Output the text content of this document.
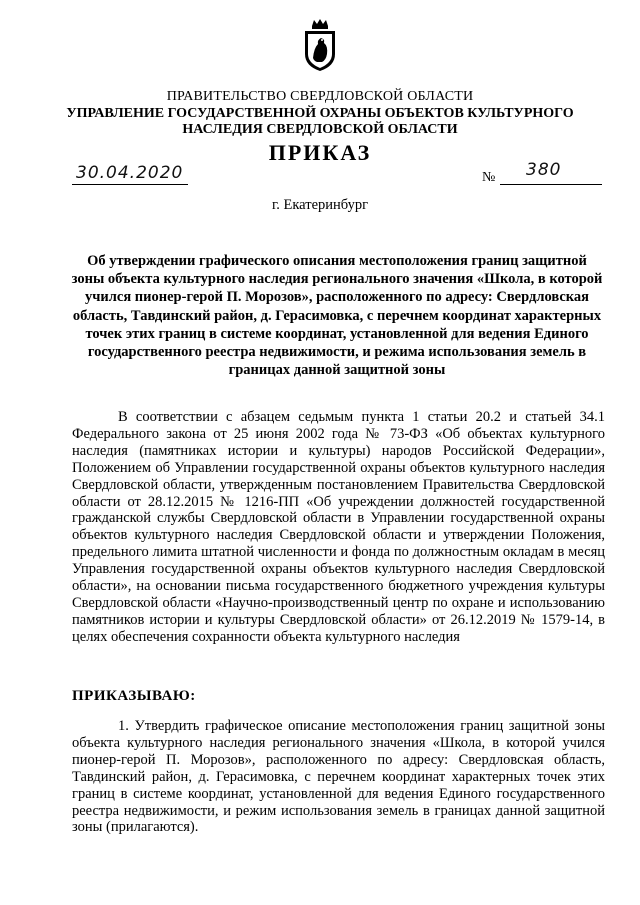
ПРАВИТЕЛЬСТВО СВЕРДЛОВСКОЙ ОБЛАСТИ
УПРАВЛЕНИЕ ГОСУДАРСТВЕННОЙ ОХРАНЫ ОБЪЕКТОВ КУЛЬТУРНОГО НАСЛЕДИЯ СВЕРДЛОВСКОЙ ОБЛАСТИ
ПРИКАЗ
30.04.2020	№ 380
г. Екатеринбург
Об утверждении графического описания местоположения границ защитной зоны объекта культурного наследия регионального значения «Школа, в которой учился пионер-герой П. Морозов», расположенного по адресу: Свердловская область, Тавдинский район, д. Герасимовка, с перечнем координат характерных точек этих границ в системе координат, установленной для ведения Единого государственного реестра недвижимости, и режима использования земель в границах данной защитной зоны

В соответствии с абзацем седьмым пункта 1 статьи 20.2 и статьей 34.1 Федерального закона от 25 июня 2002 года № 73-ФЗ «Об объектах культурного наследия (памятниках истории и культуры) народов Российской Федерации», Положением об Управлении государственной охраны объектов культурного наследия Свердловской области, утвержденным постановлением Правительства Свердловской области от 28.12.2015 № 1216-ПП «Об учреждении должностей государственной гражданской службы Свердловской области в Управлении государственной охраны объектов культурного наследия Свердловской области и утверждении Положения, предельного лимита штатной численности и фонда по должностным окладам в месяц Управления государственной охраны объектов культурного наследия Свердловской области», на основании письма государственного бюджетного учреждения культуры Свердловской области «Научно-производственный центр по охране и использованию памятников истории и культуры Свердловской области» от 26.12.2019 № 1579-14, в целях обеспечения сохранности объекта культурного наследия

ПРИКАЗЫВАЮ:

1. Утвердить графическое описание местоположения границ защитной зоны объекта культурного наследия регионального значения «Школа, в которой учился пионер-герой П. Морозов», расположенного по адресу: Свердловская область, Тавдинский район, д. Герасимовка, с перечнем координат характерных точек этих границ в системе координат, установленной для ведения Единого государственного реестра недвижимости, и режим использования земель в границах данной защитной зоны (прилагаются).
